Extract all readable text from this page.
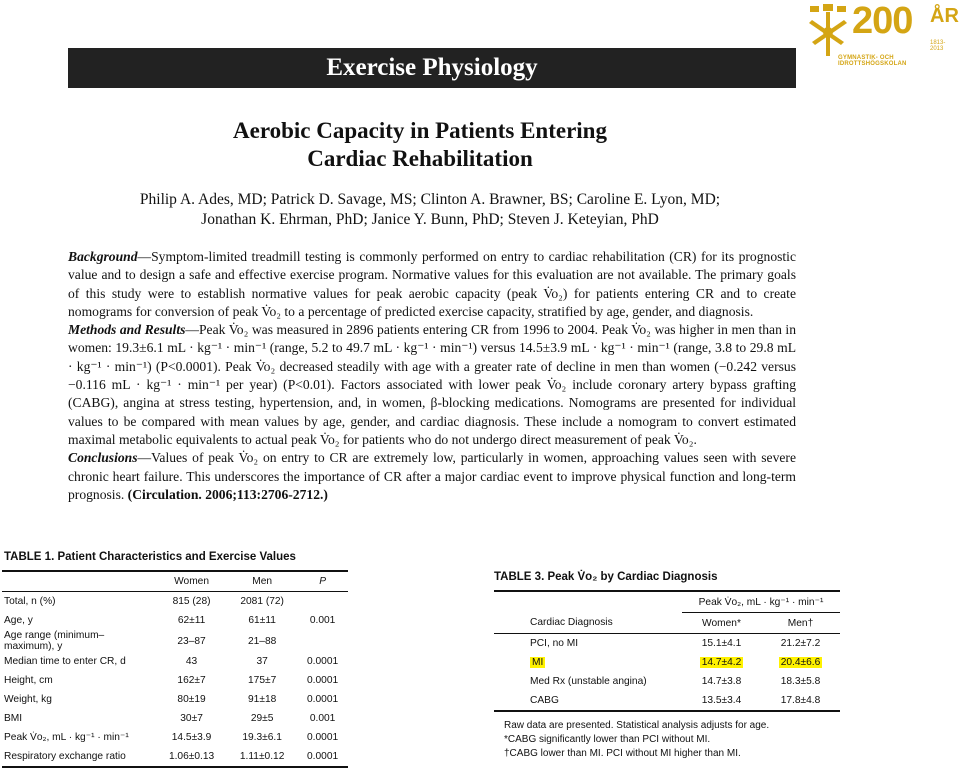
Exercise Physiology
200 ÅR
1813-2013
GYMNASTIK- OCH IDROTTSHÖGSKOLAN
Aerobic Capacity in Patients Entering
Cardiac Rehabilitation
Philip A. Ades, MD; Patrick D. Savage, MS; Clinton A. Brawner, BS; Caroline E. Lyon, MD;
Jonathan K. Ehrman, PhD; Janice Y. Bunn, PhD; Steven J. Keteyian, PhD

Background—Symptom-limited treadmill testing is commonly performed on entry to cardiac rehabilitation (CR) for its prognostic value and to design a safe and effective exercise program. Normative values for this evaluation are not available. The primary goals of this study were to establish normative values for peak aerobic capacity (peak V̇o₂) for patients entering CR and to create nomograms for conversion of peak V̇o₂ to a percentage of predicted exercise capacity, stratified by age, gender, and diagnosis.

Methods and Results—Peak V̇o₂ was measured in 2896 patients entering CR from 1996 to 2004. Peak V̇o₂ was higher in men than in women: 19.3±6.1 mL · kg⁻¹ · min⁻¹ (range, 5.2 to 49.7 mL · kg⁻¹ · min⁻¹) versus 14.5±3.9 mL · kg⁻¹ · min⁻¹ (range, 3.8 to 29.8 mL · kg⁻¹ · min⁻¹) (P<0.0001). Peak V̇o₂ decreased steadily with age with a greater rate of decline in men than women (−0.242 versus −0.116 mL · kg⁻¹ · min⁻¹ per year) (P<0.01). Factors associated with lower peak V̇o₂ include coronary artery bypass grafting (CABG), angina at stress testing, hypertension, and, in women, β-blocking medications. Nomograms are presented for individual values to be compared with mean values by age, gender, and cardiac diagnosis. These include a nomogram to convert estimated maximal metabolic equivalents to actual peak V̇o₂ for patients who do not undergo direct measurement of peak V̇o₂.

Conclusions—Values of peak V̇o₂ on entry to CR are extremely low, particularly in women, approaching values seen with severe chronic heart failure. This underscores the importance of CR after a major cardiac event to improve physical function and long-term prognosis. (Circulation. 2006;113:2706-2712.)

TABLE 1. Patient Characteristics and Exercise Values
	Women	Men	P
Total, n (%)	815 (28)	2081 (72)	
Age, y	62±11	61±11	0.001
Age range (minimum–maximum), y	23–87	21–88	
Median time to enter CR, d	43	37	0.0001
Height, cm	162±7	175±7	0.0001
Weight, kg	80±19	91±18	0.0001
BMI	30±7	29±5	0.001
Peak V̇o₂, mL · kg⁻¹ · min⁻¹	14.5±3.9	19.3±6.1	0.0001
Respiratory exchange ratio	1.06±0.13	1.11±0.12	0.0001
TABLE 3. Peak V̇o₂ by Cardiac Diagnosis
	Peak V̇o₂, mL · kg⁻¹ · min⁻¹	
Cardiac Diagnosis	Women*	Men†
PCI, no MI	15.1±4.1	21.2±7.2
MI	14.7±4.2	20.4±6.6
Med Rx (unstable angina)	14.7±3.8	18.3±5.8
CABG	13.5±3.4	17.8±4.8
Raw data are presented. Statistical analysis adjusts for age.
*CABG significantly lower than PCI without MI.
†CABG lower than MI. PCI without MI higher than MI.
